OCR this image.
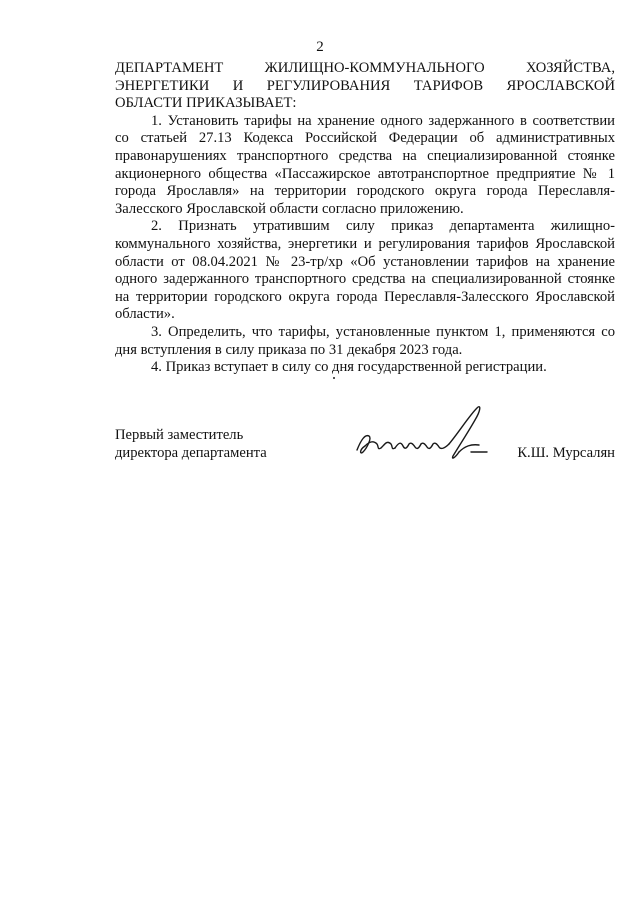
2

ДЕПАРТАМЕНТ ЖИЛИЩНО-КОММУНАЛЬНОГО ХОЗЯЙСТВА,
ЭНЕРГЕТИКИ И РЕГУЛИРОВАНИЯ ТАРИФОВ ЯРОСЛАВСКОЙ
ОБЛАСТИ ПРИКАЗЫВАЕТ:

1. Установить тарифы на хранение одного задержанного в соответствии со статьей 27.13 Кодекса Российской Федерации об административных правонарушениях транспортного средства на специализированной стоянке акционерного общества «Пассажирское автотранспортное предприятие № 1 города Ярославля» на территории городского округа города Переславля-Залесского Ярославской области согласно приложению.

2. Признать утратившим силу приказ департамента жилищно-коммунального хозяйства, энергетики и регулирования тарифов Ярославской области от 08.04.2021 № 23-тр/хр «Об установлении тарифов на хранение одного задержанного транспортного средства на специализированной стоянке на территории городского округа города Переславля-Залесского Ярославской области».

3. Определить, что тарифы, установленные пунктом 1, применяются со дня вступления в силу приказа по 31 декабря 2023 года.

4. Приказ вступает в силу со дня государственной регистрации.

Первый заместитель
директора департамента	К.Ш. Мурсалян
